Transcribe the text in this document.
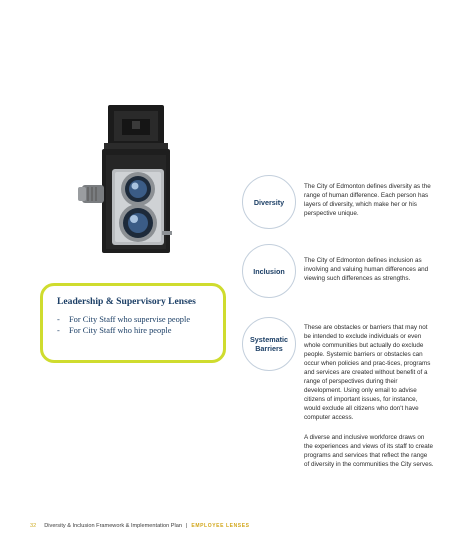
Leadership & Supervisory Lenses
-	For City Staff who supervise people
-	For City Staff who hire people
Diversity
Inclusion
Systematic
Barriers

The City of Edmonton defines diversity as the range of human difference. Each person has layers of diversity, which make her or his perspective unique.

The City of Edmonton defines inclusion as involving and valuing human differences and viewing such differences as strengths.

These are obstacles or barriers that may not be intended to exclude individuals or even whole communities but actually do exclude people. Systemic barriers or obstacles can occur when policies and prac-tices, programs and services are created without benefit of a range of perspectives during their development. Using only email to advise citizens of important issues, for instance, would exclude all citizens who don't have computer access.

A diverse and inclusive workforce draws on the experiences and views of its staff to create programs and services that reflect the range of diversity in the communities the City serves.

32 Diversity & Inclusion Framework & Implementation Plan | EMPLOYEE LENSES
